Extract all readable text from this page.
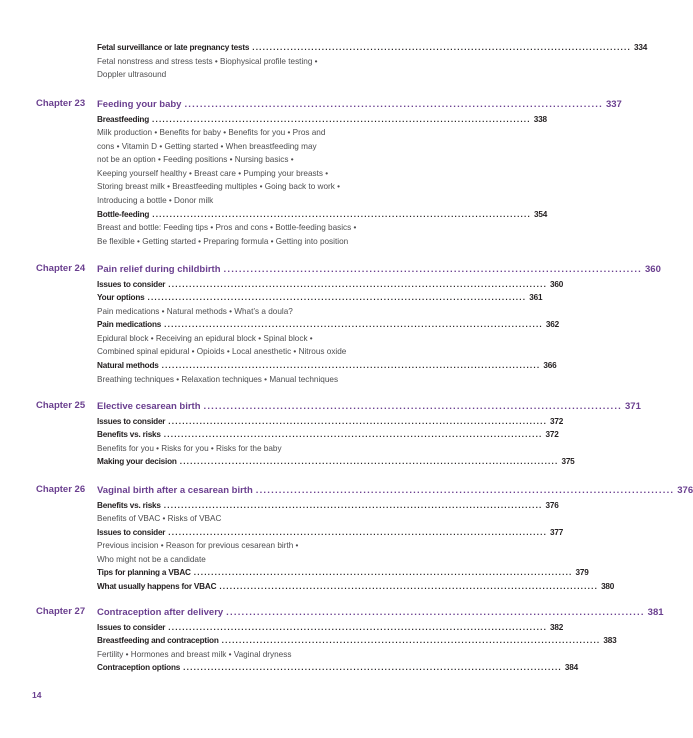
Fetal surveillance or late pregnancy tests ............................................................................................................. 334
Fetal nonstress and stress tests • Biophysical profile testing •
Doppler ultrasound
Chapter 23 Feeding your baby ............................................................................................................. 337
Breastfeeding ............................................................................................................. 338
Milk production • Benefits for baby • Benefits for you • Pros and
cons • Vitamin D • Getting started • When breastfeeding may
not be an option • Feeding positions • Nursing basics •
Keeping yourself healthy • Breast care • Pumping your breasts •
Storing breast milk • Breastfeeding multiples • Going back to work •
Introducing a bottle • Donor milk
Bottle-feeding ............................................................................................................. 354
Breast and bottle: Feeding tips • Pros and cons • Bottle-feeding basics •
Be flexible • Getting started • Preparing formula • Getting into position
Chapter 24 Pain relief during childbirth ............................................................................................................. 360
Issues to consider ............................................................................................................. 360
Your options ............................................................................................................. 361
Pain medications • Natural methods • What’s a doula?
Pain medications ............................................................................................................. 362
Epidural block • Receiving an epidural block • Spinal block •
Combined spinal epidural • Opioids • Local anesthetic • Nitrous oxide
Natural methods ............................................................................................................. 366
Breathing techniques • Relaxation techniques • Manual techniques
Chapter 25 Elective cesarean birth ............................................................................................................. 371
Issues to consider ............................................................................................................. 372
Benefits vs. risks ............................................................................................................. 372
Benefits for you • Risks for you • Risks for the baby
Making your decision ............................................................................................................. 375
Chapter 26 Vaginal birth after a cesarean birth ............................................................................................................. 376
Benefits vs. risks ............................................................................................................. 376
Benefits of VBAC • Risks of VBAC
Issues to consider ............................................................................................................. 377
Previous incision • Reason for previous cesarean birth •
Who might not be a candidate
Tips for planning a VBAC ............................................................................................................. 379
What usually happens for VBAC ............................................................................................................. 380
Chapter 27 Contraception after delivery ............................................................................................................. 381
Issues to consider ............................................................................................................. 382
Breastfeeding and contraception ............................................................................................................. 383
Fertility • Hormones and breast milk • Vaginal dryness
Contraception options ............................................................................................................. 384
14
